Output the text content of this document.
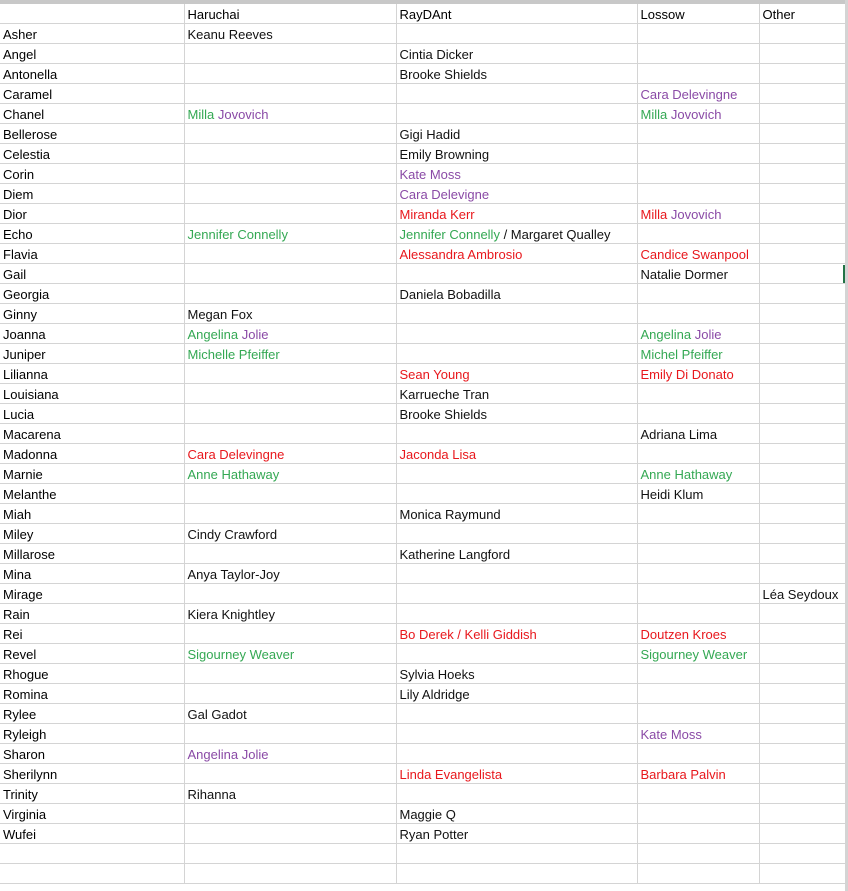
	Haruchai	RayDAnt	Lossow	Other
Asher	Keanu Reeves			
Angel		Cintia Dicker		
Antonella		Brooke Shields		
Caramel			Cara Delevingne	
Chanel	Milla Jovovich		Milla Jovovich	
Bellerose		Gigi Hadid		
Celestia		Emily Browning		
Corin		Kate Moss		
Diem		Cara Delevigne		
Dior		Miranda Kerr	Milla Jovovich	
Echo	Jennifer Connelly	Jennifer Connelly / Margaret Qualley		
Flavia		Alessandra Ambrosio	Candice Swanpool	
Gail			Natalie Dormer	
Georgia		Daniela Bobadilla		
Ginny	Megan Fox			
Joanna	Angelina Jolie		Angelina Jolie	
Juniper	Michelle Pfeiffer		Michel Pfeiffer	
Lilianna		Sean Young	Emily Di Donato	
Louisiana		Karrueche Tran		
Lucia		Brooke Shields		
Macarena			Adriana Lima	
Madonna	Cara Delevingne	Jaconda Lisa		
Marnie	Anne Hathaway		Anne Hathaway	
Melanthe			Heidi Klum	
Miah		Monica Raymund		
Miley	Cindy Crawford			
Millarose		Katherine Langford		
Mina	Anya Taylor-Joy			
Mirage				Léa Seydoux
Rain	Kiera Knightley			
Rei		Bo Derek / Kelli Giddish	Doutzen Kroes	
Revel	Sigourney Weaver		Sigourney Weaver	
Rhogue		Sylvia Hoeks		
Romina		Lily Aldridge		
Rylee	Gal Gadot			
Ryleigh			Kate Moss	
Sharon	Angelina Jolie			
Sherilynn		Linda Evangelista	Barbara Palvin	
Trinity	Rihanna			
Virginia		Maggie Q		
Wufei		Ryan Potter		
